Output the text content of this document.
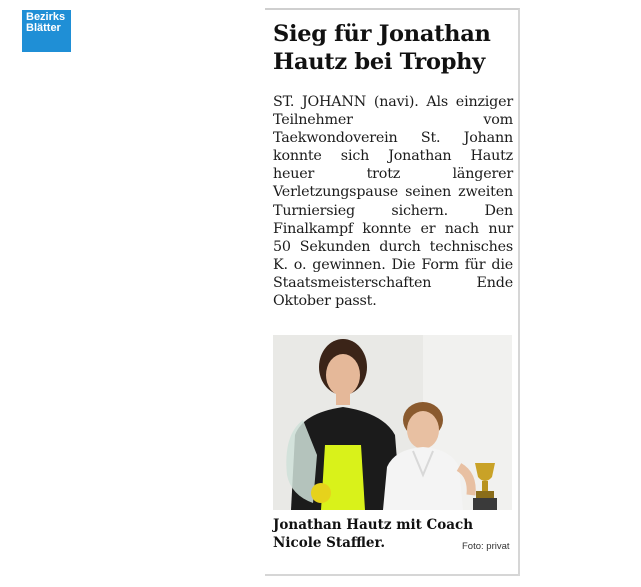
Bezirks
Blätter	Sieg für Jonathan Hautz bei Trophy

ST. JOHANN (navi). Als einziger Teilnehmer vom Taekwondoverein St. Johann konnte sich Jonathan Hautz heuer trotz längerer Verletzungspause seinen zweiten Turniersieg sichern. Den Finalkampf konnte er nach nur 50 Sekunden durch technisches K. o. gewinnen. Die Form für die Staatsmeisterschaften Ende Oktober passt.

Jonathan Hautz mit Coach Nicole Staffler.	Foto: privat
